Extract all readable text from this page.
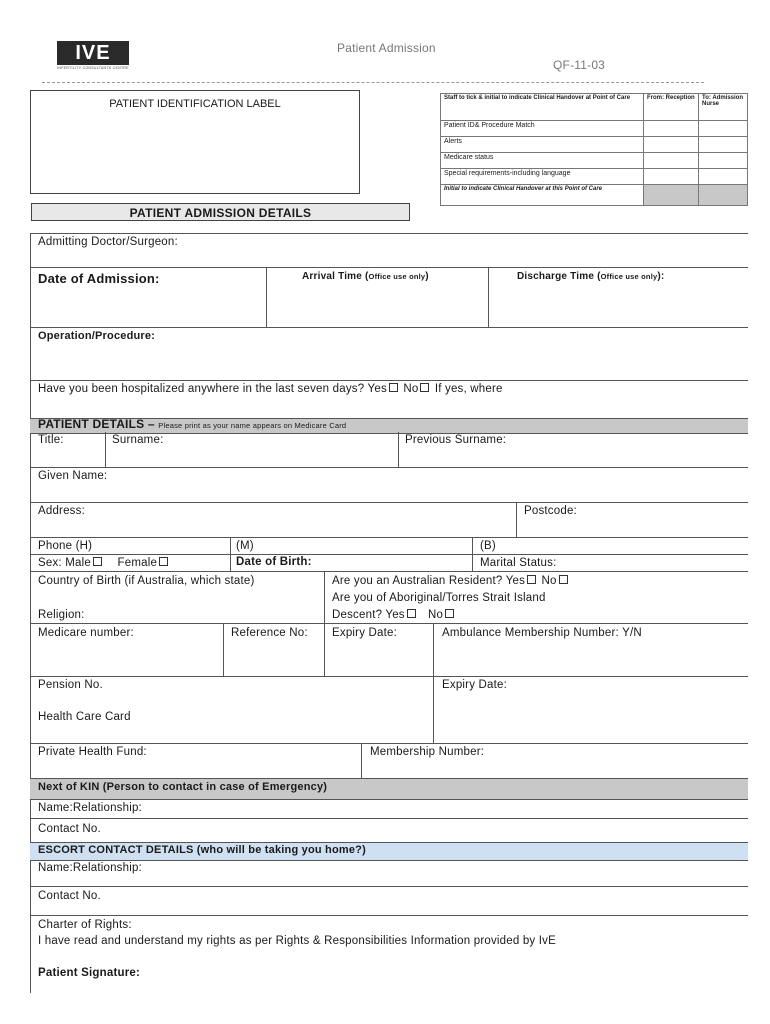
IVE
INFERTILITY CONSULTANTS CENTRE
Patient Admission
QF-11-03
PATIENT IDENTIFICATION LABEL	Staff to tick & initial to indicate Clinical Handover at Point of Care	From: Reception	To: Admission Nurse
Patient ID& Procedure Match		
Alerts		
Medicare status		
Special requirements-including language		
Initial to indicate Clinical Handover at this Point of Care		
PATIENT ADMISSION DETAILS
Admitting Doctor/Surgeon:
Date of Admission:	Arrival Time (Office use only)	Discharge Time (Office use only):
Operation/Procedure:
Have you been hospitalized anywhere in the last seven days? Yes No If yes, where
PATIENT DETAILS – Please print as your name appears on Medicare Card
Title:	Surname:	Previous Surname:
Given Name:
Address:	Postcode:
Phone (H)	(M)	(B)
Sex: Male Female	Date of Birth:	Marital Status:
Country of Birth (if Australia, which state)
Religion:
Are you an Australian Resident? Yes No
Are you of Aboriginal/Torres Strait Island
Descent? Yes No
Medicare number:	Reference No: Expiry Date:	Ambulance Membership Number: Y/N
Pension No.	Expiry Date:
Health Care Card
Private Health Fund:	Membership Number:
Next of KIN (Person to contact in case of Emergency)
Name:Relationship:
Contact No.
ESCORT CONTACT DETAILS (who will be taking you home?)
Name:Relationship:
Contact No.
Charter of Rights:
I have read and understand my rights as per Rights & Responsibilities Information provided by IvE
Patient Signature:
